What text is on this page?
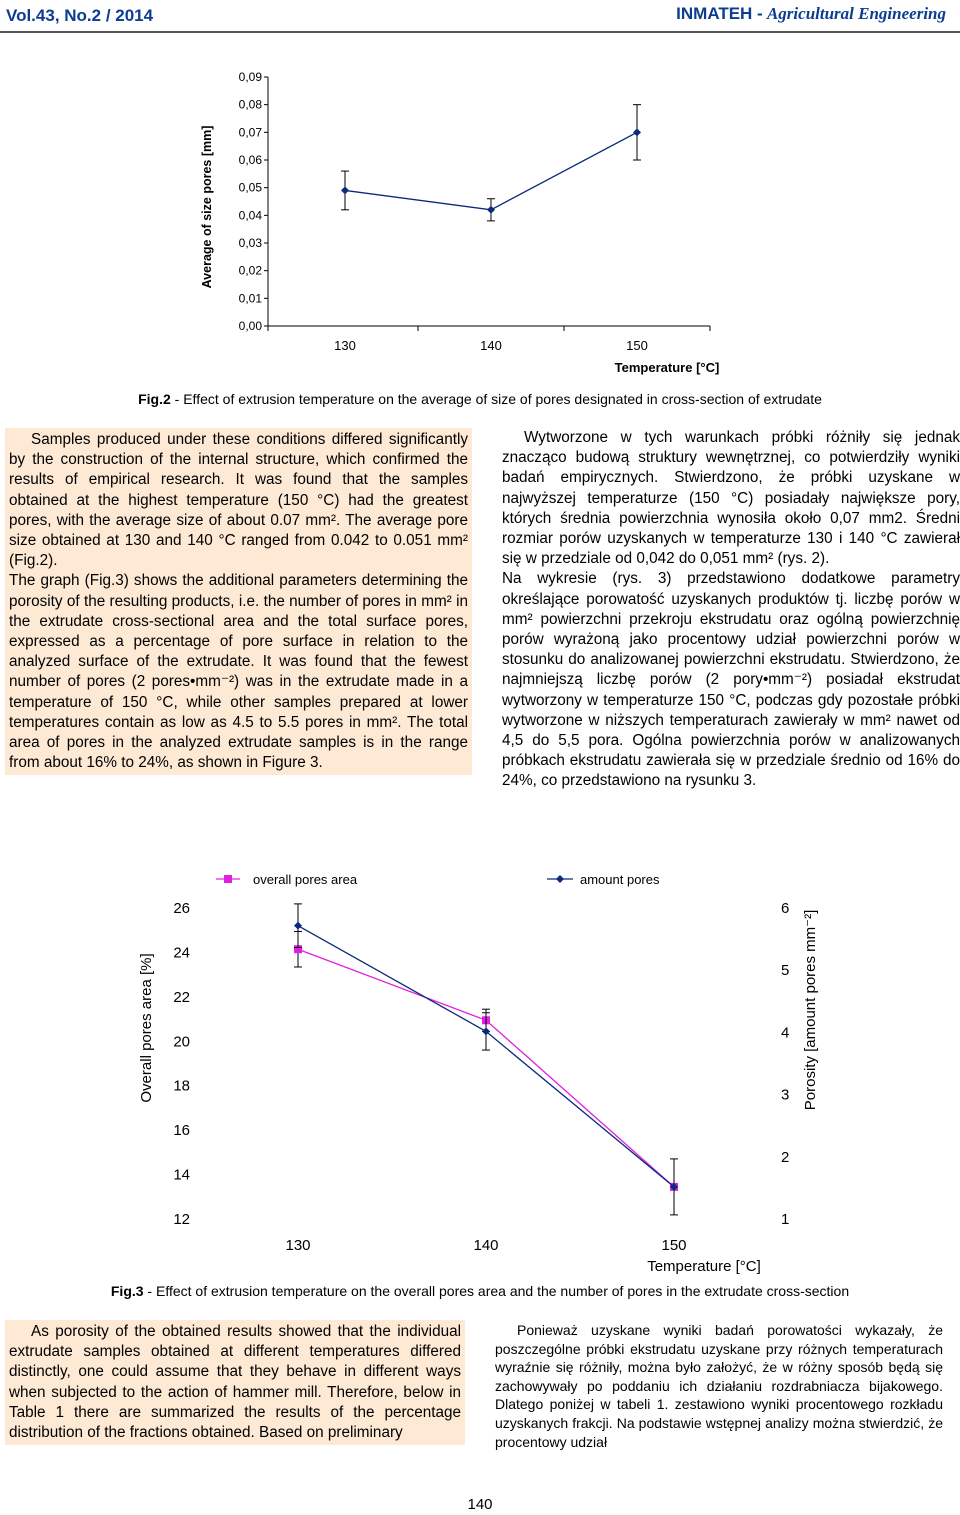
Vol.43, No.2 / 2014	INMATEH - Agricultural Engineering
0,00
0,01
0,02
0,03
0,04
0,05
0,06
0,07
0,08
0,09
130	140	150
Average of size pores [mm]
Temperature [°C]
Fig.2 - Effect of extrusion temperature on the average of size of pores designated in cross-section of extrudate

Samples produced under these conditions differed significantly by the construction of the internal structure, which confirmed the results of empirical research. It was found that the samples obtained at the highest temperature (150 °C) had the greatest pores, with the average size of about 0.07 mm². The average pore size obtained at 130 and 140 °C ranged from 0.042 to 0.051 mm² (Fig.2).

The graph (Fig.3) shows the additional parameters determining the porosity of the resulting products, i.e. the number of pores in mm² in the extrudate cross-sectional area and the total surface pores, expressed as a percentage of pore surface in relation to the analyzed surface of the extrudate. It was found that the fewest number of pores (2 pores•mm⁻²) was in the extrudate made in a temperature of 150 °C, while other samples prepared at lower temperatures contain as low as 4.5 to 5.5 pores in mm². The total area of pores in the analyzed extrudate samples is in the range from about 16% to 24%, as shown in Figure 3.

Wytworzone w tych warunkach próbki różniły się jednak znacząco budową struktury wewnętrznej, co potwierdziły wyniki badań empirycznych. Stwierdzono, że próbki uzyskane w najwyższej temperaturze (150 °C) posiadały największe pory, których średnia powierzchnia wynosiła około 0,07 mm2. Średni rozmiar porów uzyskanych w temperaturze 130 i 140 °C zawierał się w przedziale od 0,042 do 0,051 mm² (rys. 2).

Na wykresie (rys. 3) przedstawiono dodatkowe parametry określające porowatość uzyskanych produktów tj. liczbę porów w mm² powierzchni przekroju ekstrudatu oraz ogólną powierzchnię porów wyrażoną jako procentowy udział powierzchni porów w stosunku do analizowanej powierzchni ekstrudatu. Stwierdzono, że najmniejszą liczbę porów (2 pory•mm⁻²) posiadał ekstrudat wytworzony w temperaturze 150 °C, podczas gdy pozostałe próbki wytworzone w niższych temperaturach zawierały w mm² nawet od 4,5 do 5,5 pora. Ogólna powierzchnia porów w analizowanych próbkach ekstrudatu zawierała się w przedziale średnio od 16% do 24%, co przedstawiono na rysunku 3.

12
14
16
18
20
22
24
26
1
2
3
4
5
6
130	140	150
Temperature [°C]
Overall pores area [%]	Porosity [amount pores mm⁻²]
overall pores area	amount pores
Fig.3 - Effect of extrusion temperature on the overall pores area and the number of pores in the extrudate cross-section

As porosity of the obtained results showed that the individual extrudate samples obtained at different temperatures differed distinctly, one could assume that they behave in different ways when subjected to the action of hammer mill. Therefore, below in Table 1 there are summarized the results of the percentage distribution of the fractions obtained. Based on preliminary

Ponieważ uzyskane wyniki badań porowatości wykazały, że poszczególne próbki ekstrudatu uzyskane przy różnych temperaturach wyraźnie się różniły, można było założyć, że w różny sposób będą się zachowywały po poddaniu ich działaniu rozdrabniacza bijakowego. Dlatego poniżej w tabeli 1. zestawiono wyniki procentowego rozkładu uzyskanych frakcji. Na podstawie wstępnej analizy można stwierdzić, że procentowy udział

140
